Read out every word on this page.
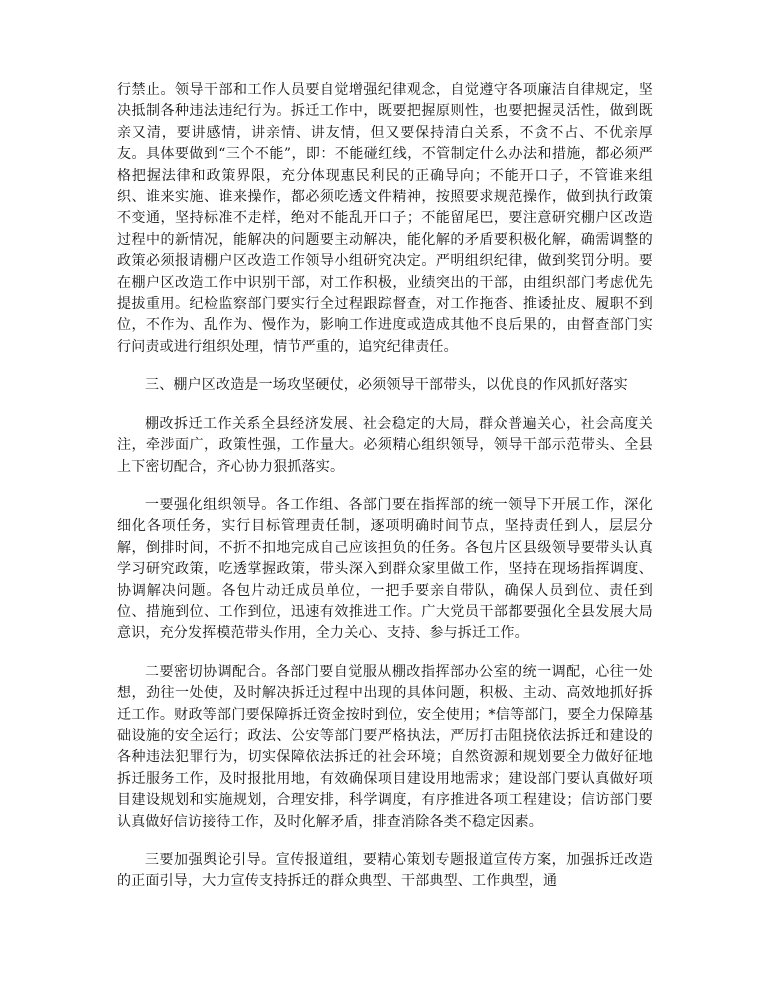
行禁止。领导干部和工作人员要自觉增强纪律观念，自觉遵守各项廉洁自律规定，坚决抵制各种违法违纪行为。拆迁工作中，既要把握原则性，也要把握灵活性，做到既亲又清，要讲感情，讲亲情、讲友情，但又要保持清白关系，不贪不占、不优亲厚友。具体要做到“三个不能”，即：不能碰红线，不管制定什么办法和措施，都必须严格把握法律和政策界限，充分体现惠民利民的正确导向；不能开口子，不管谁来组织、谁来实施、谁来操作，都必须吃透文件精神，按照要求规范操作，做到执行政策不变通，坚持标准不走样，绝对不能乱开口子；不能留尾巴，要注意研究棚户区改造过程中的新情况，能解决的问题要主动解决，能化解的矛盾要积极化解，确需调整的政策必须报请棚户区改造工作领导小组研究决定。严明组织纪律，做到奖罚分明。要在棚户区改造工作中识别干部，对工作积极，业绩突出的干部，由组织部门考虑优先提拔重用。纪检监察部门要实行全过程跟踪督查，对工作拖沓、推诿扯皮、履职不到位，不作为、乱作为、慢作为，影响工作进度或造成其他不良后果的，由督查部门实行问责或进行组织处理，情节严重的，追究纪律责任。

三、棚户区改造是一场攻坚硬仗，必须领导干部带头，以优良的作风抓好落实

棚改拆迁工作关系全县经济发展、社会稳定的大局，群众普遍关心，社会高度关注，牵涉面广，政策性强，工作量大。必须精心组织领导，领导干部示范带头、全县上下密切配合，齐心协力狠抓落实。

一要强化组织领导。各工作组、各部门要在指挥部的统一领导下开展工作，深化细化各项任务，实行目标管理责任制，逐项明确时间节点，坚持责任到人，层层分解，倒排时间，不折不扣地完成自己应该担负的任务。各包片区县级领导要带头认真学习研究政策，吃透掌握政策，带头深入到群众家里做工作，坚持在现场指挥调度、协调解决问题。各包片动迁成员单位，一把手要亲自带队，确保人员到位、责任到位、措施到位、工作到位，迅速有效推进工作。广大党员干部都要强化全县发展大局意识，充分发挥模范带头作用，全力关心、支持、参与拆迁工作。

二要密切协调配合。各部门要自觉服从棚改指挥部办公室的统一调配，心往一处想，劲往一处使，及时解决拆迁过程中出现的具体问题，积极、主动、高效地抓好拆迁工作。财政等部门要保障拆迁资金按时到位，安全使用；*信等部门，要全力保障基础设施的安全运行；政法、公安等部门要严格执法，严厉打击阻挠依法拆迁和建设的各种违法犯罪行为，切实保障依法拆迁的社会环境；自然资源和规划要全力做好征地拆迁服务工作，及时报批用地，有效确保项目建设用地需求；建设部门要认真做好项目建设规划和实施规划，合理安排，科学调度，有序推进各项工程建设；信访部门要认真做好信访接待工作，及时化解矛盾，排查消除各类不稳定因素。

三要加强舆论引导。宣传报道组，要精心策划专题报道宣传方案，加强拆迁改造的正面引导，大力宣传支持拆迁的群众典型、干部典型、工作典型，通
